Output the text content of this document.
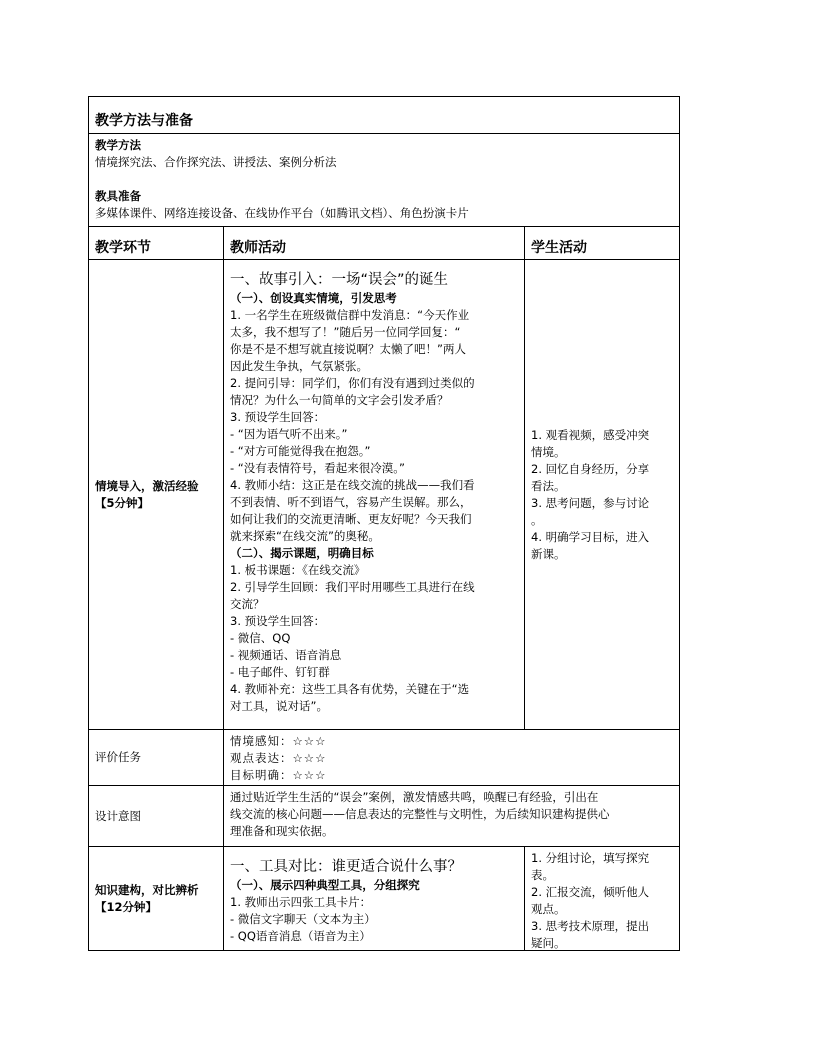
教学方法与准备
教学方法
情境探究法、合作探究法、讲授法、案例分析法
教具准备
多媒体课件、网络连接设备、在线协作平台（如腾讯文档）、角色扮演卡片
教学环节	教师活动	学生活动
情境导入，激活经验【5分钟】
一、故事引入：一场“误会”的诞生
（一）、创设真实情境，引发思考
1. 一名学生在班级微信群中发消息：“今天作业
太多，我不想写了！”随后另一位同学回复：“
你是不是不想写就直接说啊？太懒了吧！”两人
因此发生争执，气氛紧张。
2. 提问引导：同学们，你们有没有遇到过类似的
情况？为什么一句简单的文字会引发矛盾？
3. 预设学生回答：
- “因为语气听不出来。”
- “对方可能觉得我在抱怨。”
- “没有表情符号，看起来很冷漠。”
4. 教师小结：这正是在线交流的挑战——我们看
不到表情、听不到语气，容易产生误解。那么，
如何让我们的交流更清晰、更友好呢？今天我们
就来探索“在线交流”的奥秘。
（二）、揭示课题，明确目标
1. 板书课题：《在线交流》
2. 引导学生回顾：我们平时用哪些工具进行在线
交流？
3. 预设学生回答：
- 微信、QQ
- 视频通话、语音消息
- 电子邮件、钉钉群
4. 教师补充：这些工具各有优势，关键在于“选
对工具，说对话”。
1. 观看视频，感受冲突
情境。
2. 回忆自身经历，分享
看法。
3. 思考问题，参与讨论
。
4. 明确学习目标，进入
新课。
评价任务
情境感知：☆☆☆
观点表达：☆☆☆
目标明确：☆☆☆
设计意图
通过贴近学生生活的“误会”案例，激发情感共鸣，唤醒已有经验，引出在
线交流的核心问题——信息表达的完整性与文明性，为后续知识建构提供心
理准备和现实依据。
知识建构，对比辨析【12分钟】
一、工具对比：谁更适合说什么事？
（一）、展示四种典型工具，分组探究
1. 教师出示四张工具卡片：
- 微信文字聊天（文本为主）
- QQ语音消息（语音为主）
1. 分组讨论，填写探究
表。
2. 汇报交流，倾听他人
观点。
3. 思考技术原理，提出
疑问。
